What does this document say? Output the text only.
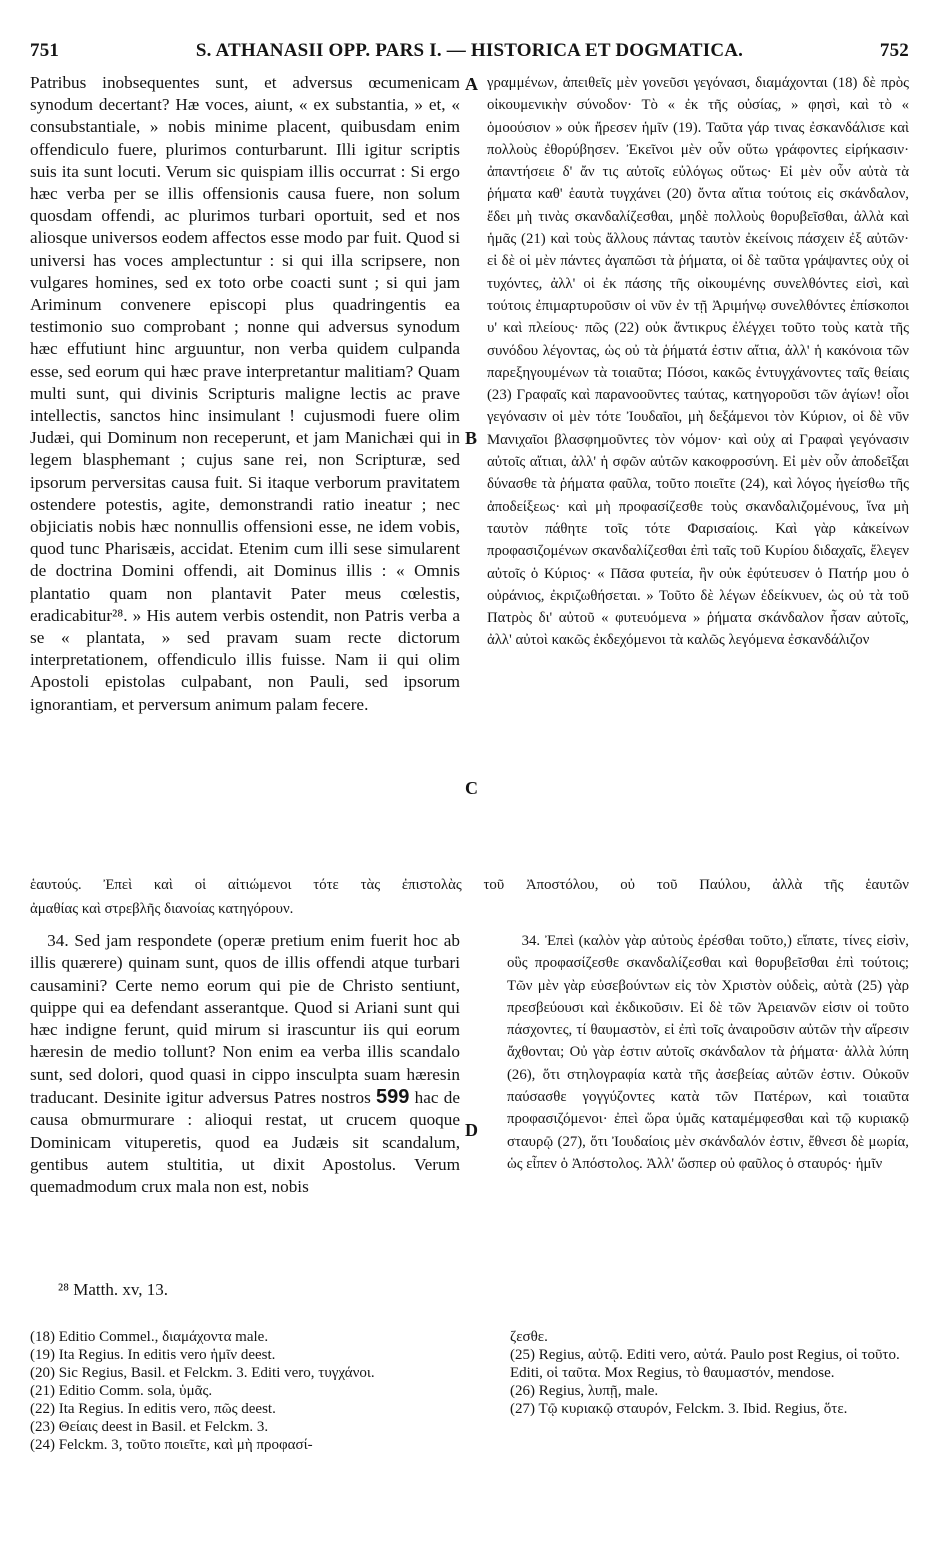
751	S. ATHANASII OPP. PARS I. — HISTORICA ET DOGMATICA.	752

Patribus inobsequentes sunt, et adversus œcumenicam synodum decertant? Hæ voces, aiunt, « ex substantia, » et, « consubstantiale, » nobis minime placent, quibusdam enim offendiculo fuere, plurimos conturbarunt. Illi igitur scriptis suis ita sunt locuti. Verum sic quispiam illis occurrat : Si ergo hæc verba per se illis offensionis causa fuere, non solum quosdam offendi, ac plurimos turbari oportuit, sed et nos aliosque universos eodem affectos esse modo par fuit. Quod si universi has voces amplectuntur : si qui illa scripsere, non vulgares homines, sed ex toto orbe coacti sunt ; si qui jam Ariminum convenere episcopi plus quadringentis ea testimonio suo comprobant ; nonne qui adversus synodum hæc effutiunt hinc arguuntur, non verba quidem culpanda esse, sed eorum qui hæc prave interpretantur malitiam? Quam multi sunt, qui divinis Scripturis maligne lectis ac prave intellectis, sanctos hinc insimulant ! cujusmodi fuere olim Judæi, qui Dominum non receperunt, et jam Manichæi qui in legem blasphemant ; cujus sane rei, non Scripturæ, sed ipsorum perversitas causa fuit. Si itaque verborum pravitatem ostendere potestis, agite, demonstrandi ratio ineatur ; nec objiciatis nobis hæc nonnullis offensioni esse, ne idem vobis, quod tunc Pharisæis, accidat. Etenim cum illi sese simularent de doctrina Domini offendi, ait Dominus illis : « Omnis plantatio quam non plantavit Pater meus cœlestis, eradicabitur²⁸. » His autem verbis ostendit, non Patris verba a se « plantata, » sed pravam suam recte dictorum interpretationem, offendiculo illis fuisse. Nam ii qui olim Apostoli epistolas culpabant, non Pauli, sed ipsorum ignorantiam, et perversum animum palam fecere.

γραμμένων, ἀπειθεῖς μὲν γονεῦσι γεγόνασι, διαμάχονται (18) δὲ πρὸς οἰκουμενικὴν σύνοδον· Τὸ « ἐκ τῆς οὐσίας, » φησὶ, καὶ τὸ « ὁμοούσιον » οὐκ ἤρεσεν ἡμῖν (19). Ταῦτα γάρ τινας ἐσκανδάλισε καὶ πολλοὺς ἐθορύβησεν. Ἐκεῖνοι μὲν οὖν οὕτω γράφοντες εἰρήκασιν· ἀπαντήσειε δ' ἄν τις αὐτοῖς εὐλόγως οὕτως· Εἰ μὲν οὖν αὐτὰ τὰ ῥήματα καθ' ἑαυτὰ τυγχάνει (20) ὄντα αἴτια τούτοις εἰς σκάνδαλον, ἔδει μὴ τινὰς σκανδαλίζεσθαι, μηδὲ πολλοὺς θορυβεῖσθαι, ἀλλὰ καὶ ἡμᾶς (21) καὶ τοὺς ἄλλους πάντας ταυτὸν ἐκείνοις πάσχειν ἐξ αὐτῶν· εἰ δὲ οἱ μὲν πάντες ἀγαπῶσι τὰ ῥήματα, οἱ δὲ ταῦτα γράψαντες οὐχ οἱ τυχόντες, ἀλλ' οἱ ἐκ πάσης τῆς οἰκουμένης συνελθόντες εἰσὶ, καὶ τούτοις ἐπιμαρτυροῦσιν οἱ νῦν ἐν τῇ Ἀριμήνῳ συνελθόντες ἐπίσκοποι υ' καὶ πλείους· πῶς (22) οὐκ ἄντικρυς ἐλέγχει τοῦτο τοὺς κατὰ τῆς συνόδου λέγοντας, ὡς οὐ τὰ ῥήματά ἐστιν αἴτια, ἀλλ' ἡ κακόνοια τῶν παρεξηγουμένων τὰ τοιαῦτα; Πόσοι, κακῶς ἐντυγχάνοντες ταῖς θείαις (23) Γραφαῖς καὶ παρανοοῦντες ταύτας, κατηγοροῦσι τῶν ἁγίων! οἷοι γεγόνασιν οἱ μὲν τότε Ἰουδαῖοι, μὴ δεξάμενοι τὸν Κύριον, οἱ δὲ νῦν Μανιχαῖοι βλασφημοῦντες τὸν νόμον· καὶ οὐχ αἱ Γραφαὶ γεγόνασιν αὐτοῖς αἴτιαι, ἀλλ' ἡ σφῶν αὐτῶν κακοφροσύνη. Εἰ μὲν οὖν ἀποδεῖξαι δύνασθε τὰ ῥήματα φαῦλα, τοῦτο ποιεῖτε (24), καὶ λόγος ἡγείσθω τῆς ἀποδείξεως· καὶ μὴ προφασίζεσθε τοὺς σκανδαλιζομένους, ἵνα μὴ ταυτὸν πάθητε τοῖς τότε Φαρισαίοις. Καὶ γὰρ κἀκείνων προφασιζομένων σκανδαλίζεσθαι ἐπὶ ταῖς τοῦ Κυρίου διδαχαῖς, ἔλεγεν αὐτοῖς ὁ Κύριος· « Πᾶσα φυτεία, ἣν οὐκ ἐφύτευσεν ὁ Πατήρ μου ὁ οὐράνιος, ἐκριζωθήσεται. » Τοῦτο δὲ λέγων ἐδείκνυεν, ὡς οὐ τὰ τοῦ Πατρὸς δι' αὐτοῦ « φυτευόμενα » ῥήματα σκάνδαλον ἦσαν αὐτοῖς, ἀλλ' αὐτοὶ κακῶς ἐκδεχόμενοι τὰ καλῶς λεγόμενα ἐσκανδάλιζον

A
B
C
D
ἑαυτούς. Ἐπεὶ καὶ οἱ αἰτιώμενοι τότε τὰς ἐπιστολὰς τοῦ Ἀποστόλου, οὐ τοῦ Παύλου, ἀλλὰ τῆς ἑαυτῶν
ἀμαθίας καὶ στρεβλῆς διανοίας κατηγόρουν.

34. Sed jam respondete (operæ pretium enim fuerit hoc ab illis quærere) quinam sunt, quos de illis offendi atque turbari causamini? Certe nemo eorum qui pie de Christo sentiunt, quippe qui ea defendant asserantque. Quod si Ariani sunt qui hæc indigne ferunt, quid mirum si irascuntur iis qui eorum hæresin de medio tollunt? Non enim ea verba illis scandalo sunt, sed dolori, quod quasi in cippo insculpta suam hæresin traducant. Desinite igitur adversus Patres nostros 599 hac de causa obmurmurare : alioqui restat, ut crucem quoque Dominicam vituperetis, quod ea Judæis sit scandalum, gentibus autem stultitia, ut dixit Apostolus. Verum quemadmodum crux mala non est, nobis

34. Ἐπεὶ (καλὸν γὰρ αὐτοὺς ἐρέσθαι τοῦτο,) εἴπατε, τίνες εἰσὶν, οὓς προφασίζεσθε σκανδαλίζεσθαι καὶ θορυβεῖσθαι ἐπὶ τούτοις; Τῶν μὲν γὰρ εὐσεβούντων εἰς τὸν Χριστὸν οὐδεὶς, αὐτὰ (25) γὰρ πρεσβεύουσι καὶ ἐκδικοῦσιν. Εἰ δὲ τῶν Ἀρειανῶν εἰσιν οἱ τοῦτο πάσχοντες, τί θαυμαστὸν, εἰ ἐπὶ τοῖς ἀναιροῦσιν αὐτῶν τὴν αἵρεσιν ἄχθονται; Οὐ γὰρ ἐστιν αὐτοῖς σκάνδαλον τὰ ῥήματα· ἀλλὰ λύπη (26), ὅτι στηλογραφία κατὰ τῆς ἀσεβείας αὐτῶν ἐστιν. Οὐκοῦν παύσασθε γογγύζοντες κατὰ τῶν Πατέρων, καὶ τοιαῦτα προφασιζόμενοι· ἐπεὶ ὥρα ὑμᾶς καταμέμφεσθαι καὶ τῷ κυριακῷ σταυρῷ (27), ὅτι Ἰουδαίοις μὲν σκάνδαλόν ἐστιν, ἔθνεσι δὲ μωρία, ὡς εἶπεν ὁ Ἀπόστολος. Ἀλλ' ὥσπερ οὐ φαῦλος ὁ σταυρός· ἡμῖν

²⁸ Matth. xv, 13.
(18) Editio Commel., διαμάχοντα male.
(19) Ita Regius. In editis vero ἡμῖν deest.
(20) Sic Regius, Basil. et Felckm. 3. Editi vero, τυγχάνοι.
(21) Editio Comm. sola, ὑμᾶς.
(22) Ita Regius. In editis vero, πῶς deest.
(23) Θείαις deest in Basil. et Felckm. 3.
(24) Felckm. 3, τοῦτο ποιεῖτε, καὶ μὴ προφασί-
ζεσθε.
(25) Regius, αὐτῷ. Editi vero, αὐτά. Paulo post Regius, οἱ τοῦτο. Editi, οἱ ταῦτα. Mox Regius, τὸ θαυμαστόν, mendose.
(26) Regius, λυπῇ, male.
(27) Τῷ κυριακῷ σταυρόν, Felckm. 3. Ibid. Regius, ὅτε.
